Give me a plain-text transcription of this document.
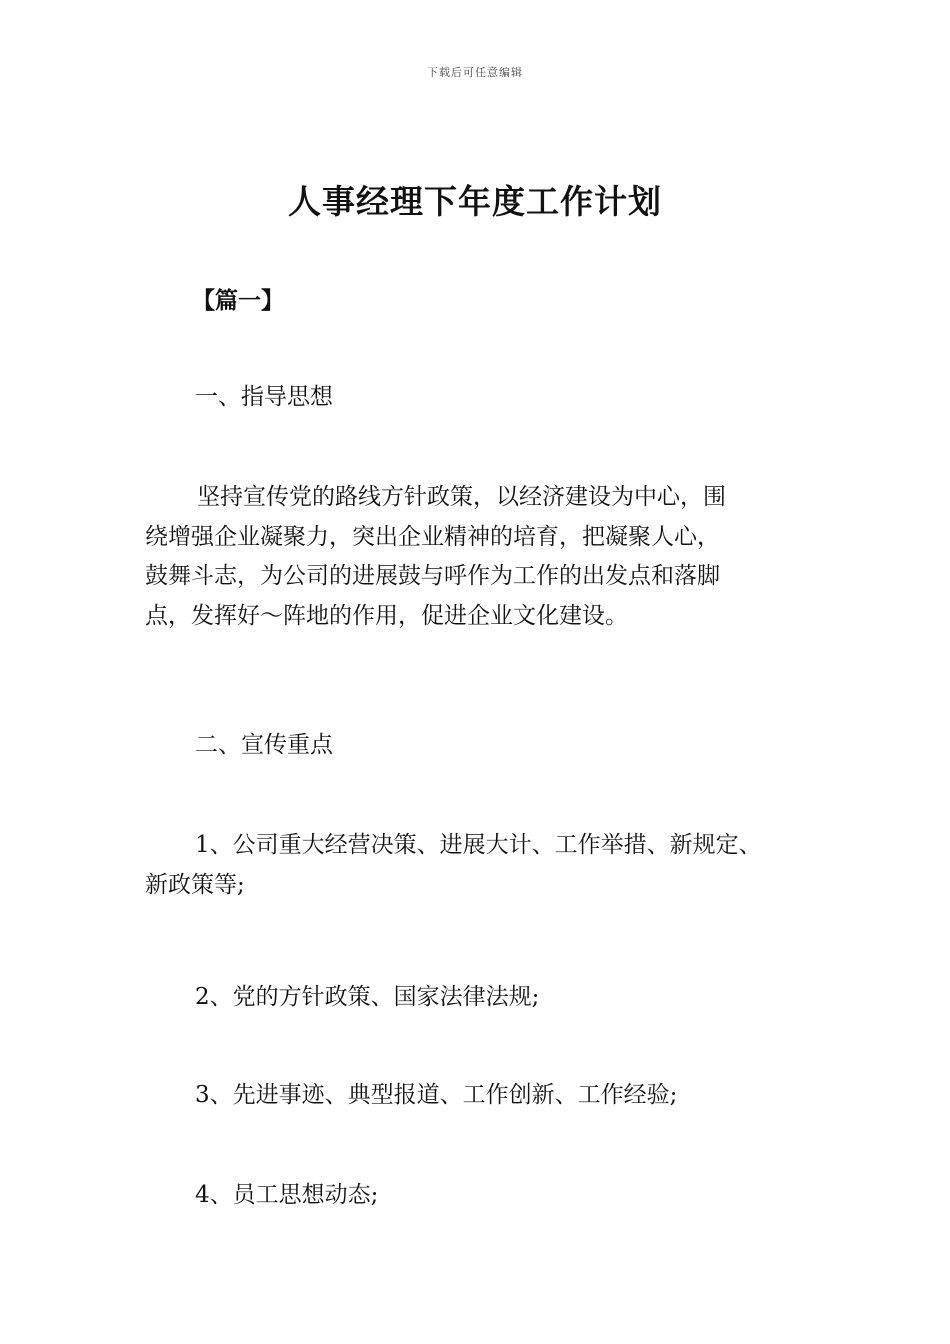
下载后可任意编辑
人事经理下年度工作计划
【篇一】

一、指导思想

坚持宣传党的路线方针政策，以经济建设为中心，围
绕增强企业凝聚力，突出企业精神的培育，把凝聚人心，
鼓舞斗志，为公司的进展鼓与呼作为工作的出发点和落脚
点，发挥好～阵地的作用，促进企业文化建设。

二、宣传重点

1、公司重大经营决策、进展大计、工作举措、新规定、
新政策等;

2、党的方针政策、国家法律法规;

3、先进事迹、典型报道、工作创新、工作经验;

4、员工思想动态;
